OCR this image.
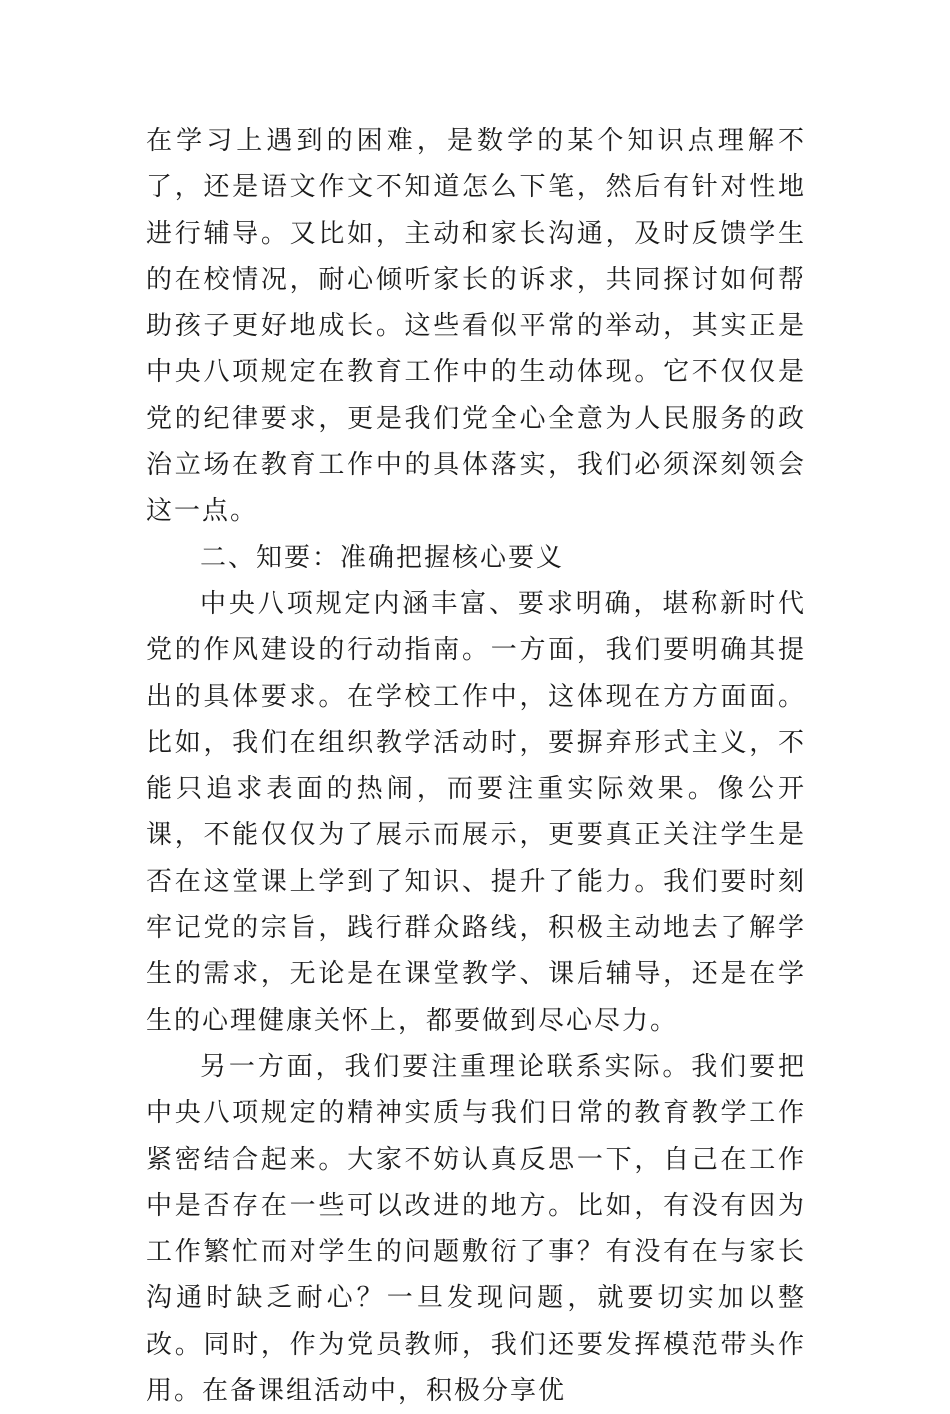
在学习上遇到的困难，是数学的某个知识点理解不了，还是语文作文不知道怎么下笔，然后有针对性地进行辅导。又比如，主动和家长沟通，及时反馈学生的在校情况，耐心倾听家长的诉求，共同探讨如何帮助孩子更好地成长。这些看似平常的举动，其实正是中央八项规定在教育工作中的生动体现。它不仅仅是党的纪律要求，更是我们党全心全意为人民服务的政治立场在教育工作中的具体落实，我们必须深刻领会这一点。

二、知要：准确把握核心要义

中央八项规定内涵丰富、要求明确，堪称新时代党的作风建设的行动指南。一方面，我们要明确其提出的具体要求。在学校工作中，这体现在方方面面。比如，我们在组织教学活动时，要摒弃形式主义，不能只追求表面的热闹，而要注重实际效果。像公开课，不能仅仅为了展示而展示，更要真正关注学生是否在这堂课上学到了知识、提升了能力。我们要时刻牢记党的宗旨，践行群众路线，积极主动地去了解学生的需求，无论是在课堂教学、课后辅导，还是在学生的心理健康关怀上，都要做到尽心尽力。

另一方面，我们要注重理论联系实际。我们要把中央八项规定的精神实质与我们日常的教育教学工作紧密结合起来。大家不妨认真反思一下，自己在工作中是否存在一些可以改进的地方。比如，有没有因为工作繁忙而对学生的问题敷衍了事？有没有在与家长沟通时缺乏耐心？一旦发现问题，就要切实加以整改。同时，作为党员教师，我们还要发挥模范带头作用。在备课组活动中，积极分享优
